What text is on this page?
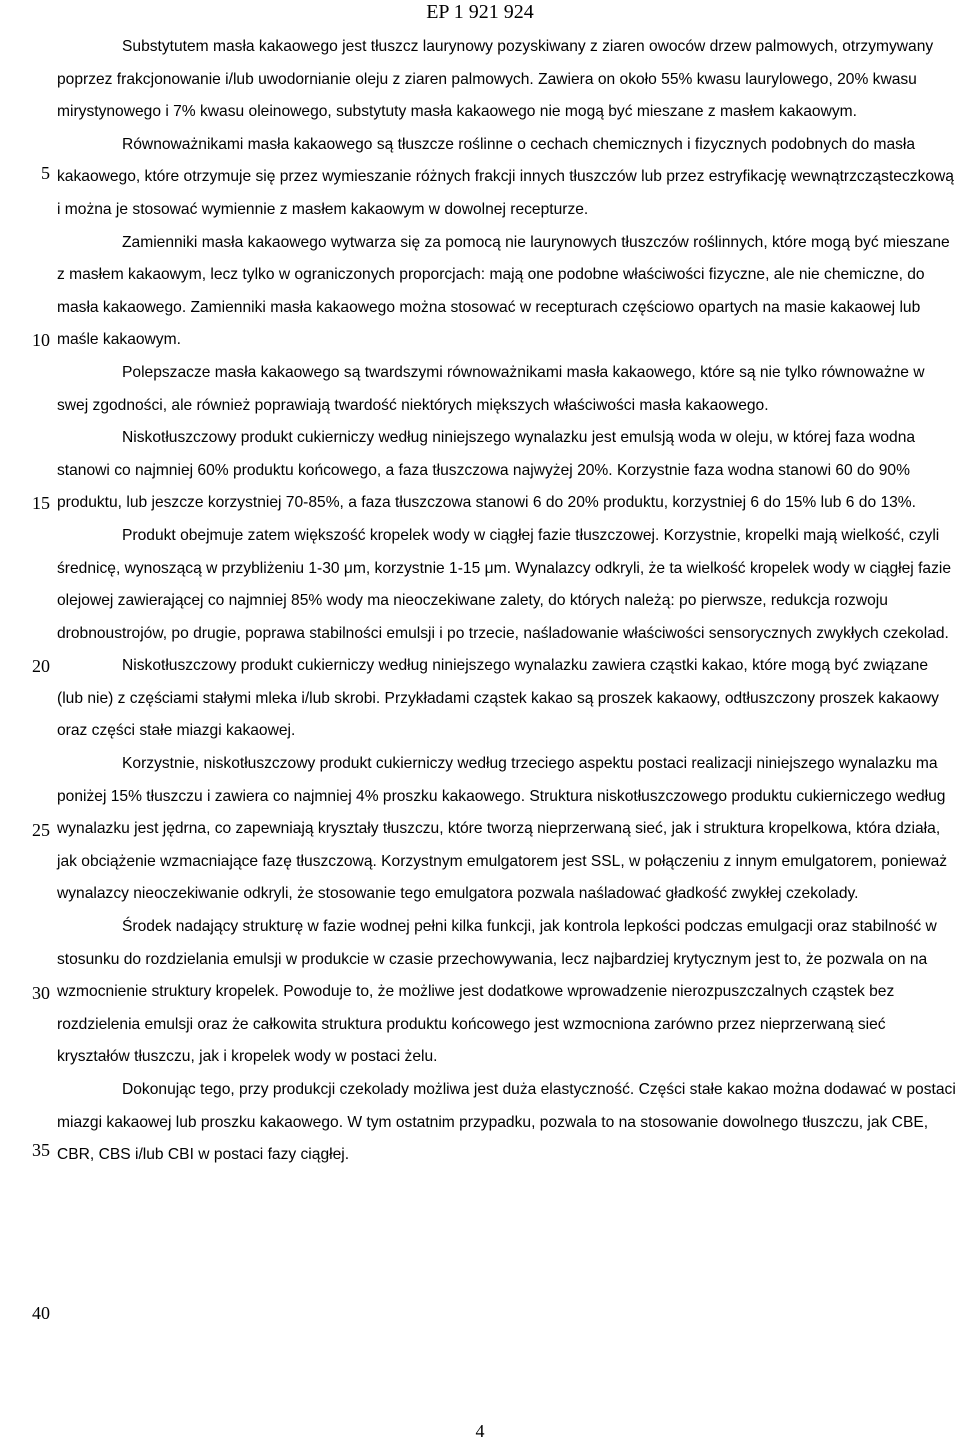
EP 1 921 924
5
10
15
20
25
30
35
40

Substytutem masła kakaowego jest tłuszcz laurynowy pozyskiwany z ziaren owoców drzew palmowych, otrzymywany poprzez frakcjonowanie i/lub uwodornianie oleju z ziaren palmowych. Zawiera on około 55% kwasu laurylowego, 20% kwasu mirystynowego i 7% kwasu oleinowego, substytuty masła kakaowego nie mogą być mieszane z masłem kakaowym.

Równoważnikami masła kakaowego są tłuszcze roślinne o cechach chemicznych i fizycznych podobnych do masła kakaowego, które otrzymuje się przez wymieszanie różnych frakcji innych tłuszczów lub przez estryfikację wewnątrzcząsteczkową i można je stosować wymiennie z masłem kakaowym w dowolnej recepturze.

Zamienniki masła kakaowego wytwarza się za pomocą nie laurynowych tłuszczów roślinnych, które mogą być mieszane z masłem kakaowym, lecz tylko w ograniczonych proporcjach: mają one podobne właściwości fizyczne, ale nie chemiczne, do masła kakaowego. Zamienniki masła kakaowego można stosować w recepturach częściowo opartych na masie kakaowej lub maśle kakaowym.

Polepszacze masła kakaowego są twardszymi równoważnikami masła kakaowego, które są nie tylko równoważne w swej zgodności, ale również poprawiają twardość niektórych miększych właściwości masła kakaowego.

Niskotłuszczowy produkt cukierniczy według niniejszego wynalazku jest emulsją woda w oleju, w której faza wodna stanowi co najmniej 60% produktu końcowego, a faza tłuszczowa najwyżej 20%. Korzystnie faza wodna stanowi 60 do 90% produktu, lub jeszcze korzystniej 70-85%, a faza tłuszczowa stanowi 6 do 20% produktu, korzystniej 6 do 15% lub 6 do 13%.

Produkt obejmuje zatem większość kropelek wody w ciągłej fazie tłuszczowej. Korzystnie, kropelki mają wielkość, czyli średnicę, wynoszącą w przybliżeniu 1-30 μm, korzystnie 1-15 μm. Wynalazcy odkryli, że ta wielkość kropelek wody w ciągłej fazie olejowej zawierającej co najmniej 85% wody ma nieoczekiwane zalety, do których należą: po pierwsze, redukcja rozwoju drobnoustrojów, po drugie, poprawa stabilności emulsji i po trzecie, naśladowanie właściwości sensorycznych zwykłych czekolad.

Niskotłuszczowy produkt cukierniczy według niniejszego wynalazku zawiera cząstki kakao, które mogą być związane (lub nie) z częściami stałymi mleka i/lub skrobi. Przykładami cząstek kakao są proszek kakaowy, odtłuszczony proszek kakaowy oraz części stałe miazgi kakaowej.

Korzystnie, niskotłuszczowy produkt cukierniczy według trzeciego aspektu postaci realizacji niniejszego wynalazku ma poniżej 15% tłuszczu i zawiera co najmniej 4% proszku kakaowego. Struktura niskotłuszczowego produktu cukierniczego według wynalazku jest jędrna, co zapewniają kryształy tłuszczu, które tworzą nieprzerwaną sieć, jak i struktura kropelkowa, która działa, jak obciążenie wzmacniające fazę tłuszczową. Korzystnym emulgatorem jest SSL, w połączeniu z innym emulgatorem, ponieważ wynalazcy nieoczekiwanie odkryli, że stosowanie tego emulgatora pozwala naśladować gładkość zwykłej czekolady.

Środek nadający strukturę w fazie wodnej pełni kilka funkcji, jak kontrola lepkości podczas emulgacji oraz stabilność w stosunku do rozdzielania emulsji w produkcie w czasie przechowywania, lecz najbardziej krytycznym jest to, że pozwala on na wzmocnienie struktury kropelek. Powoduje to, że możliwe jest dodatkowe wprowadzenie nierozpuszczalnych cząstek bez rozdzielenia emulsji oraz że całkowita struktura produktu końcowego jest wzmocniona zarówno przez nieprzerwaną sieć kryształów tłuszczu, jak i kropelek wody w postaci żelu.

Dokonując tego, przy produkcji czekolady możliwa jest duża elastyczność. Części stałe kakao można dodawać w postaci miazgi kakaowej lub proszku kakaowego. W tym ostatnim przypadku, pozwala to na stosowanie dowolnego tłuszczu, jak CBE, CBR, CBS i/lub CBI w postaci fazy ciągłej.

4
